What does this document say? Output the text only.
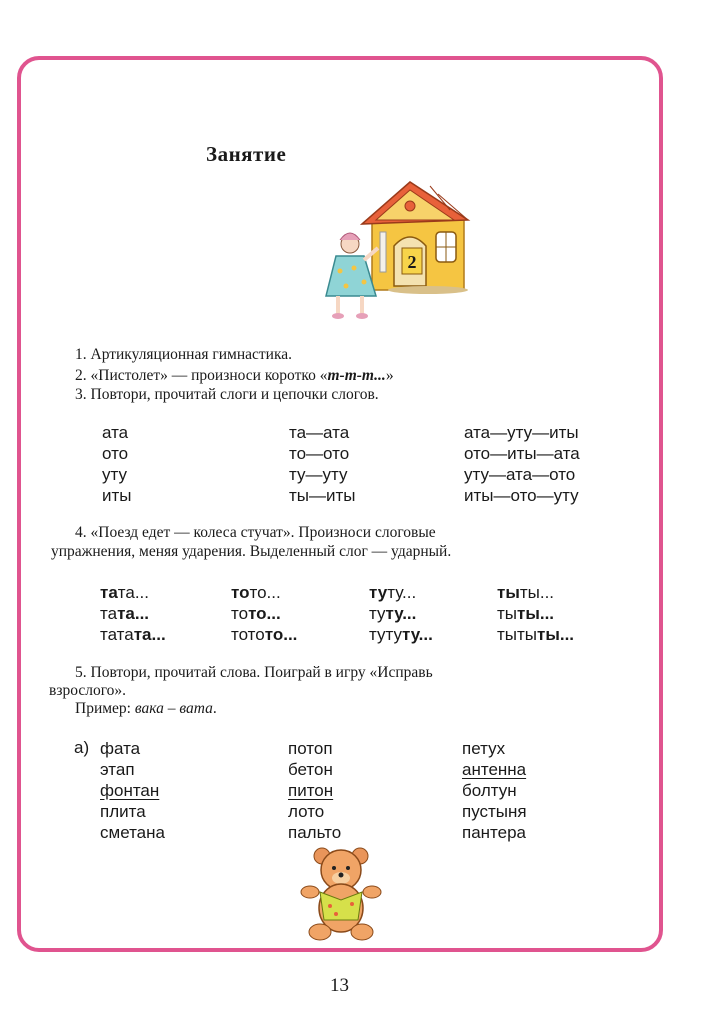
Занятие
2
1. Артикуляционная гимнастика.
2. «Пистолет» — произноси коротко «т-т-т...»
3. Повтори, прочитай слоги и цепочки слогов.
ата
ото
уту
иты
та—ата
то—ото
ту—уту
ты—иты
ата—уту—иты
ото—иты—ата
уту—ата—ото
иты—ото—уту
4. «Поезд едет — колеса стучат». Произноси слоговые
упражнения, меняя ударения. Выделенный слог — ударный.
тата...
тата...
татата...
тото...
тото...
тотото...
туту...
туту...
тутуту...
тыты...
тыты...
тытыты...
5. Повтори, прочитай слова. Поиграй в игру «Исправь
взрослого».
Пример: вака – вата.
а) фата
этап
фонтан
плита
сметана
потоп
бетон
питон
лото
пальто
петух
антенна
болтун
пустыня
пантера
13
